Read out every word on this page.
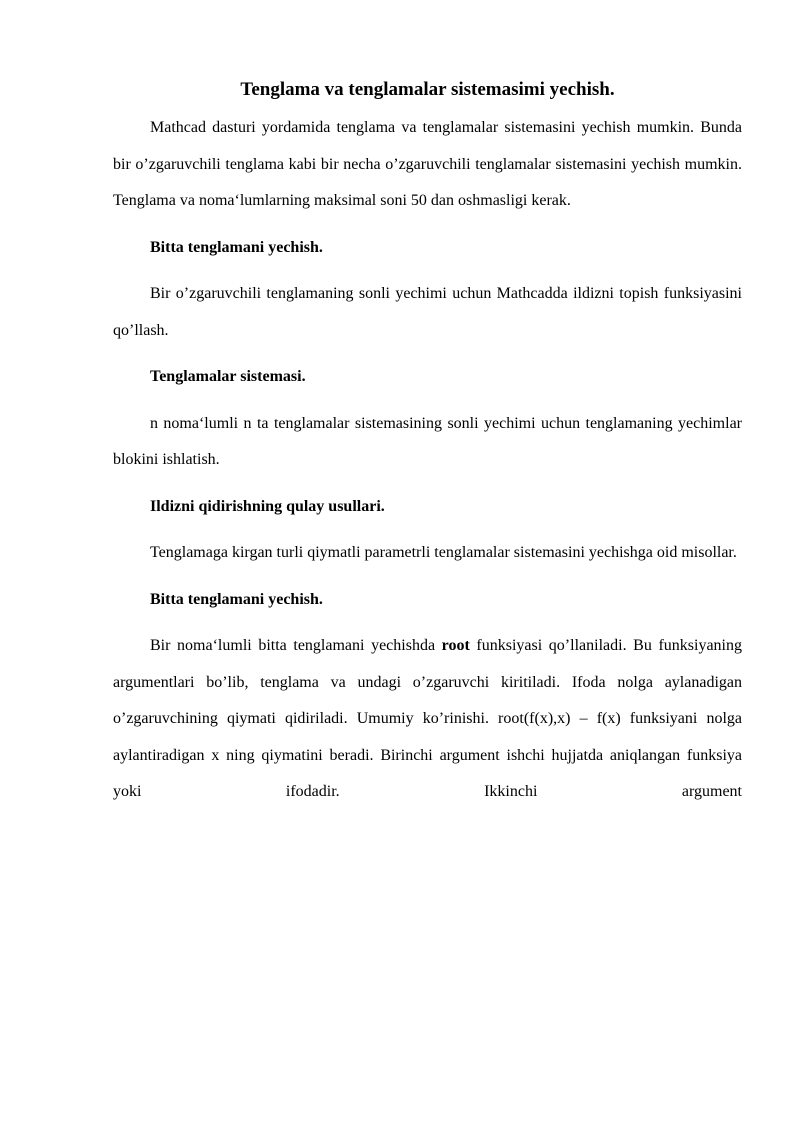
Tenglama va tenglamalar sistemasimi yechish.

Mathcad dasturi yordamida tenglama va tenglamalar sistemasini yechish mumkin. Bunda bir o’zgaruvchili tenglama kabi bir necha o’zgaruvchili tenglamalar sistemasini yechish mumkin. Tenglama va noma‘lumlarning maksimal soni 50 dan oshmasligi kerak.

Bitta tenglamani yechish.

Bir o’zgaruvchili tenglamaning sonli yechimi uchun Mathcadda ildizni topish funksiyasini qo’llash.

Tenglamalar sistemasi.

n noma‘lumli n ta tenglamalar sistemasining sonli yechimi uchun tenglamaning yechimlar blokini ishlatish.

Ildizni qidirishning qulay usullari.

Tenglamaga kirgan turli qiymatli parametrli tenglamalar sistemasini yechishga oid misollar.

Bitta tenglamani yechish.

Bir noma‘lumli bitta tenglamani yechishda root funksiyasi qo’llaniladi. Bu funksiyaning argumentlari bo’lib, tenglama va undagi o’zgaruvchi kiritiladi. Ifoda nolga aylanadigan o’zgaruvchining qiymati qidiriladi. Umumiy ko’rinishi. root(f(x),x) – f(x) funksiyani nolga aylantiradigan x ning qiymatini beradi. Birinchi argument ishchi hujjatda aniqlangan funksiya yoki ifodadir. Ikkinchi argument
